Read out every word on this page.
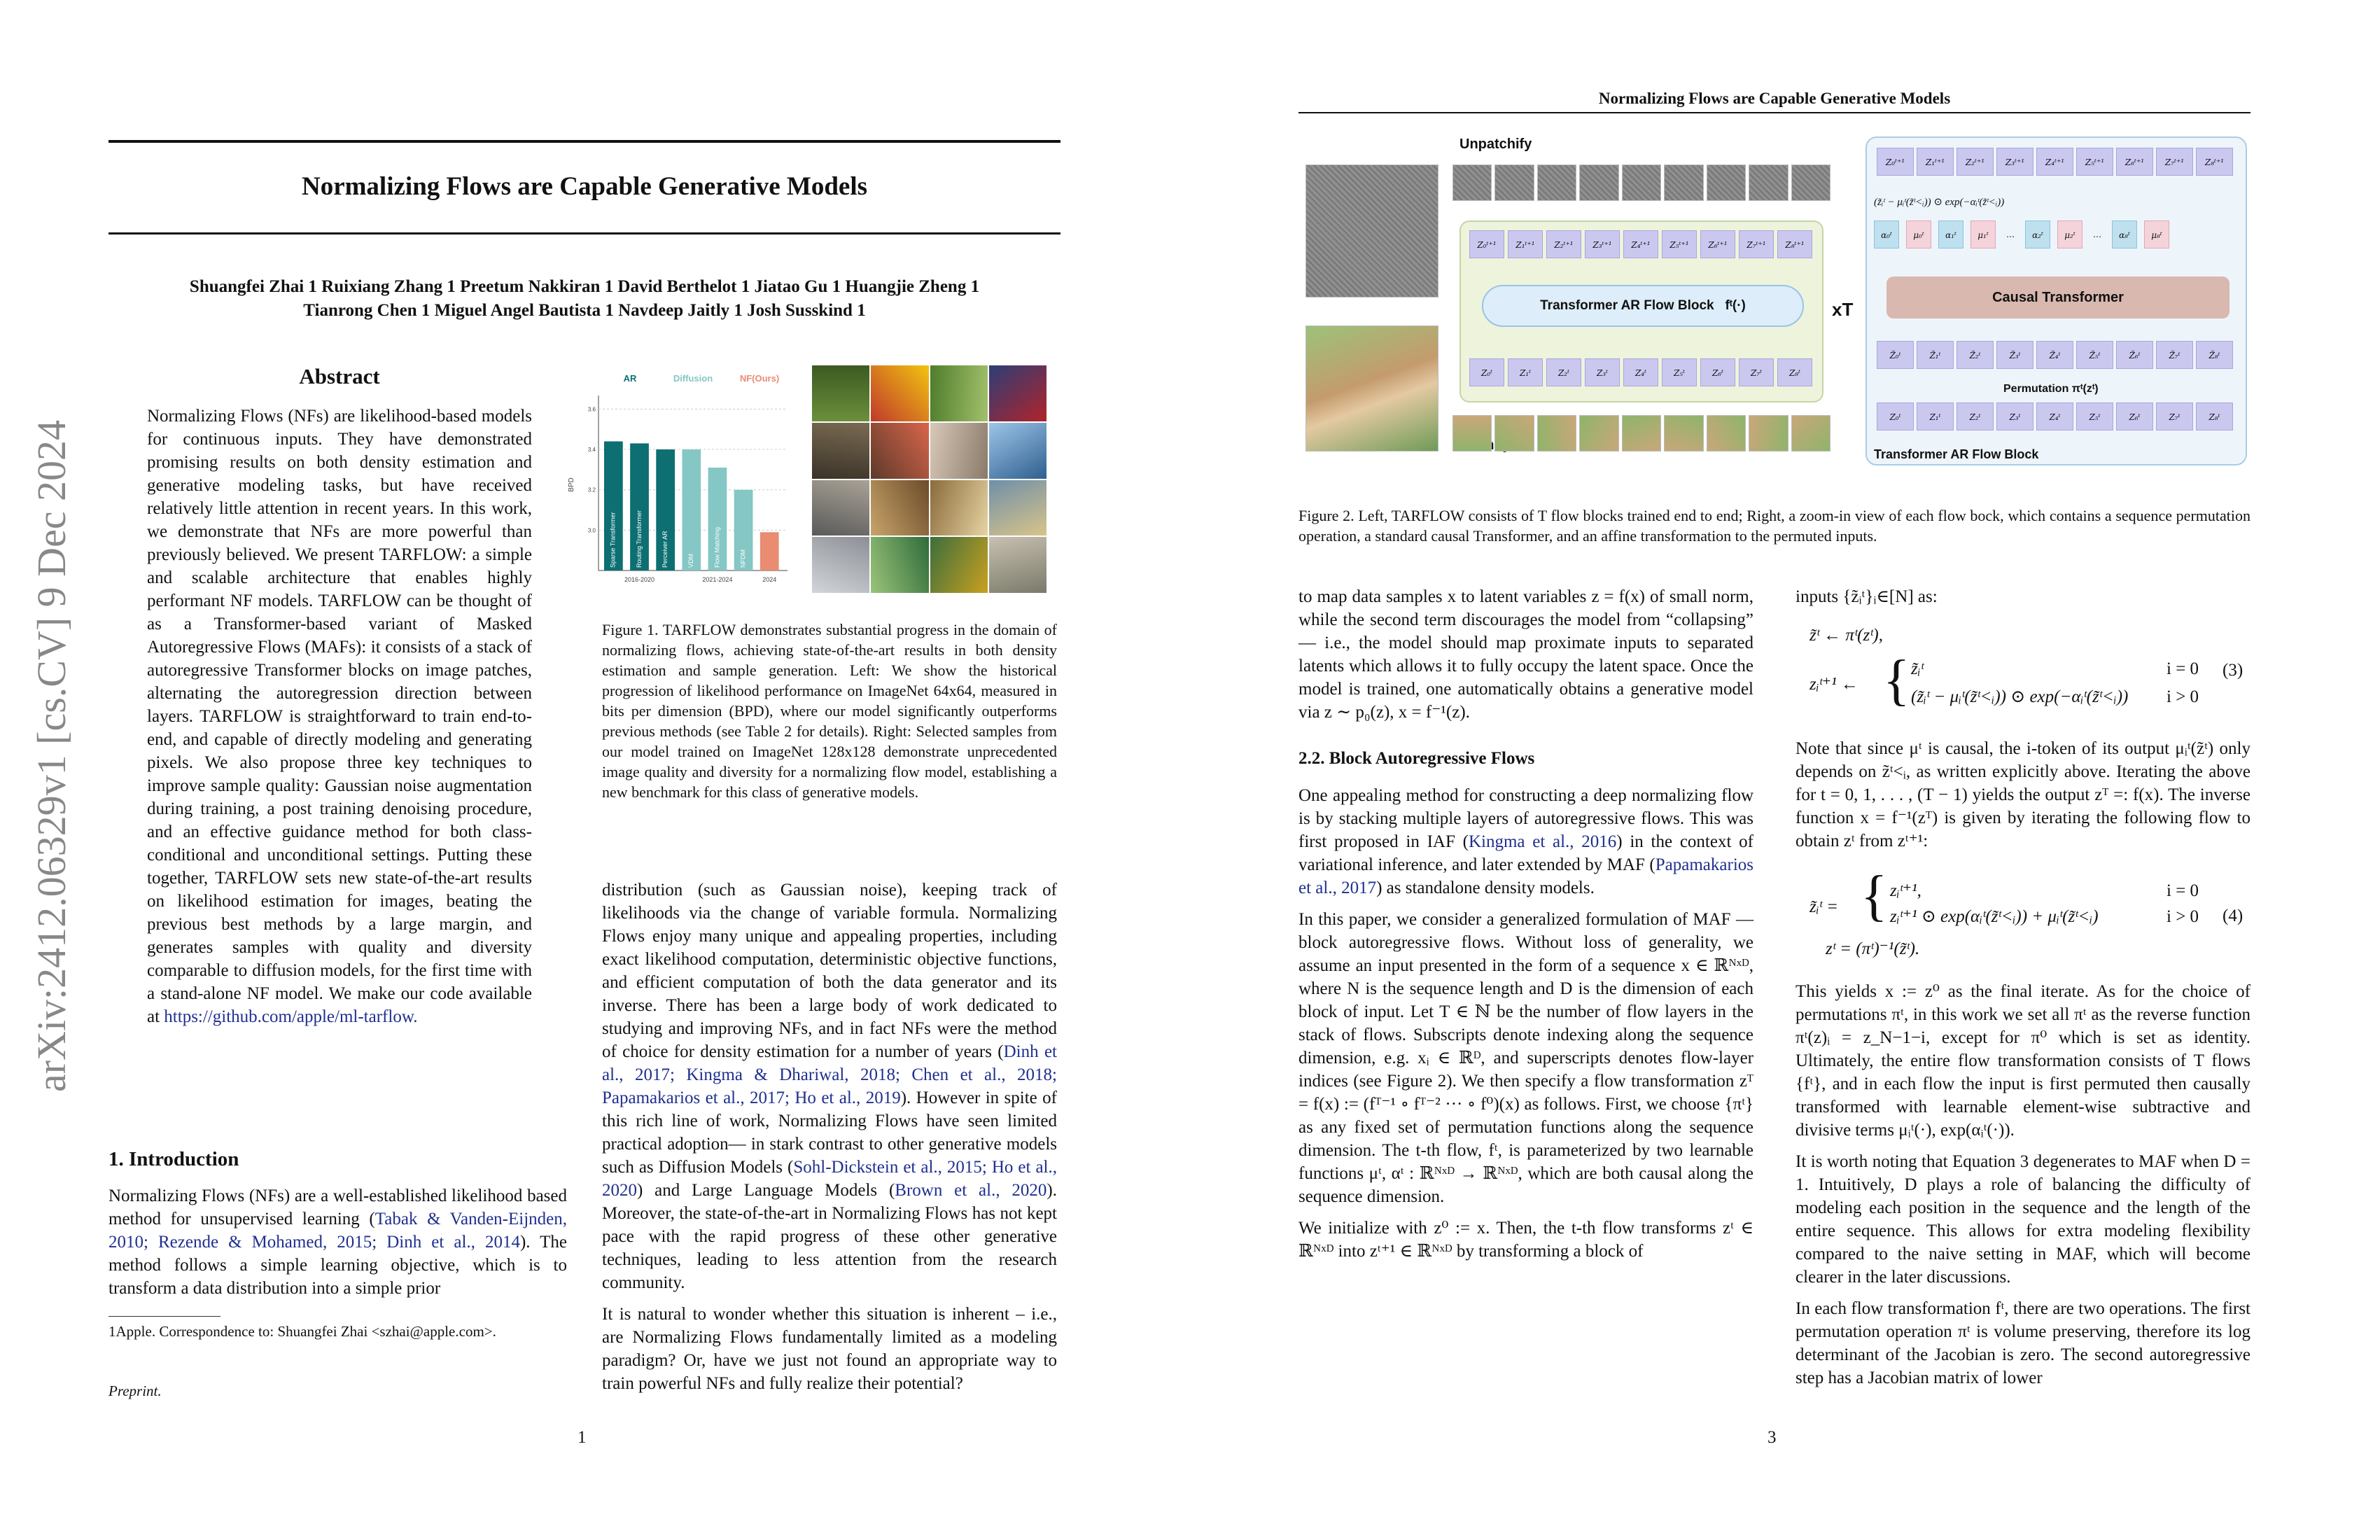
arXiv:2412.06329v1 [cs.CV] 9 Dec 2024
Normalizing Flows are Capable Generative Models
Shuangfei Zhai 1 Ruixiang Zhang 1 Preetum Nakkiran 1 David Berthelot 1 Jiatao Gu 1 Huangjie Zheng 1
Tianrong Chen 1 Miguel Angel Bautista 1 Navdeep Jaitly 1 Josh Susskind 1
Abstract
Normalizing Flows (NFs) are likelihood-based models for continuous inputs. They have demonstrated promising results on both density estimation and generative modeling tasks, but have received relatively little attention in recent years. In this work, we demonstrate that NFs are more powerful than previously believed. We present TARFLOW: a simple and scalable architecture that enables highly performant NF models. TARFLOW can be thought of as a Transformer-based variant of Masked Autoregressive Flows (MAFs): it consists of a stack of autoregressive Transformer blocks on image patches, alternating the autoregression direction between layers. TARFLOW is straightforward to train end-to-end, and capable of directly modeling and generating pixels. We also propose three key techniques to improve sample quality: Gaussian noise augmentation during training, a post training denoising procedure, and an effective guidance method for both class-conditional and unconditional settings. Putting these together, TARFLOW sets new state-of-the-art results on likelihood estimation for images, beating the previous best methods by a large margin, and generates samples with quality and diversity comparable to diffusion models, for the first time with a stand-alone NF model. We make our code available at https://github.com/apple/ml-tarflow.
1. Introduction
Normalizing Flows (NFs) are a well-established likelihood based method for unsupervised learning (Tabak & Vanden-Eijnden, 2010; Rezende & Mohamed, 2015; Dinh et al., 2014). The method follows a simple learning objective, which is to transform a data distribution into a simple prior
1Apple. Correspondence to: Shuangfei Zhai <szhai@apple.com>.
Preprint.
AR	Diffusion	NF(Ours)
3.6
3.4
3.2
3.0
BPD
Sparse Transformer	Routing Transformer	Perceiver AR	VDM	Flow Matching	NFDM
2016-2020	2021-2024	2024
Figure 1. TARFLOW demonstrates substantial progress in the domain of normalizing flows, achieving state-of-the-art results in both density estimation and sample generation. Left: We show the historical progression of likelihood performance on ImageNet 64x64, measured in bits per dimension (BPD), where our model significantly outperforms previous methods (see Table 2 for details). Right: Selected samples from our model trained on ImageNet 128x128 demonstrate unprecedented image quality and diversity for a normalizing flow model, establishing a new benchmark for this class of generative models.

distribution (such as Gaussian noise), keeping track of likelihoods via the change of variable formula. Normalizing Flows enjoy many unique and appealing properties, including exact likelihood computation, deterministic objective functions, and efficient computation of both the data generator and its inverse. There has been a large body of work dedicated to studying and improving NFs, and in fact NFs were the method of choice for density estimation for a number of years (Dinh et al., 2017; Kingma & Dhariwal, 2018; Chen et al., 2018; Papamakarios et al., 2017; Ho et al., 2019). However in spite of this rich line of work, Normalizing Flows have seen limited practical adoption— in stark contrast to other generative models such as Diffusion Models (Sohl-Dickstein et al., 2015; Ho et al., 2020) and Large Language Models (Brown et al., 2020). Moreover, the state-of-the-art in Normalizing Flows has not kept pace with the rapid progress of these other generative techniques, leading to less attention from the research community.

It is natural to wonder whether this situation is inherent – i.e., are Normalizing Flows fundamentally limited as a modeling paradigm? Or, have we just not found an appropriate way to train powerful NFs and fully realize their potential?

1
Normalizing Flows are Capable Generative Models
Unpatchify
Z₀ᵗ⁺¹	Z₁ᵗ⁺¹	Z₂ᵗ⁺¹	Z₃ᵗ⁺¹	Z₄ᵗ⁺¹	Z₅ᵗ⁺¹	Z₆ᵗ⁺¹	Z₇ᵗ⁺¹	Z₈ᵗ⁺¹
Transformer AR Flow Block fᵗ(·)
Z₀ᵗ	Z₁ᵗ	Z₂ᵗ	Z₃ᵗ	Z₄ᵗ	Z₅ᵗ	Z₆ᵗ	Z₇ᵗ	Z₈ᵗ
xT
Z₀ᵗ⁺¹	Z₁ᵗ⁺¹	Z₂ᵗ⁺¹	Z₃ᵗ⁺¹	Z₄ᵗ⁺¹	Z₅ᵗ⁺¹	Z₆ᵗ⁺¹	Z₇ᵗ⁺¹	Z₈ᵗ⁺¹
(z̃ᵢᵗ − μᵢᵗ(z̃ᵗ<ᵢ)) ⊙ exp(−αᵢᵗ(z̃ᵗ<ᵢ))
α₀ᵗ	μ₀ᵗ	α₁ᵗ	μ₁ᵗ	…	α₂ᵗ	μ₂ᵗ	…	α₈ᵗ	μ₈ᵗ
Causal Transformer
Z̃₀ᵗ	Z̃₁ᵗ	Z̃₂ᵗ	Z̃₃ᵗ	Z̃₄ᵗ	Z̃₅ᵗ	Z̃₆ᵗ	Z̃₇ᵗ	Z̃₈ᵗ
Permutation πᵗ(zᵗ)
Z₀ᵗ	Z₁ᵗ	Z₂ᵗ	Z₃ᵗ	Z₄ᵗ	Z₅ᵗ	Z₆ᵗ	Z₇ᵗ	Z₈ᵗ
Transformer AR Flow Block
Figure 2. Left, TARFLOW consists of T flow blocks trained end to end; Right, a zoom-in view of each flow bock, which contains a sequence permutation operation, a standard causal Transformer, and an affine transformation to the permuted inputs.

to map data samples x to latent variables z = f(x) of small norm, while the second term discourages the model from “collapsing” — i.e., the model should map proximate inputs to separated latents which allows it to fully occupy the latent space. Once the model is trained, one automatically obtains a generative model via z ∼ p₀(z), x = f⁻¹(z).

2.2. Block Autoregressive Flows

One appealing method for constructing a deep normalizing flow is by stacking multiple layers of autoregressive flows. This was first proposed in IAF (Kingma et al., 2016) in the context of variational inference, and later extended by MAF (Papamakarios et al., 2017) as standalone density models.

In this paper, we consider a generalized formulation of MAF — block autoregressive flows. Without loss of generality, we assume an input presented in the form of a sequence x ∈ ℝᴺˣᴰ, where N is the sequence length and D is the dimension of each block of input. Let T ∈ ℕ be the number of flow layers in the stack of flows. Subscripts denote indexing along the sequence dimension, e.g. xᵢ ∈ ℝᴰ, and superscripts denotes flow-layer indices (see Figure 2). We then specify a flow transformation zᵀ = f(x) := (fᵀ⁻¹ ∘ fᵀ⁻² ··· ∘ f⁰)(x) as follows. First, we choose {πᵗ} as any fixed set of permutation functions along the sequence dimension. The t-th flow, fᵗ, is parameterized by two learnable functions μᵗ, αᵗ : ℝᴺˣᴰ → ℝᴺˣᴰ, which are both causal along the sequence dimension.

We initialize with z⁰ := x. Then, the t-th flow transforms zᵗ ∈ ℝᴺˣᴰ into zᵗ⁺¹ ∈ ℝᴺˣᴰ by transforming a block of

inputs {z̃ᵢᵗ}ᵢ∈[N] as:
z̃ᵗ ← πᵗ(zᵗ),
zᵢᵗ⁺¹ ← { z̃ᵢᵗ	i = 0
(z̃ᵢᵗ − μᵢᵗ(z̃ᵗ<ᵢ)) ⊙ exp(−αᵢᵗ(z̃ᵗ<ᵢ)) i > 0
(3)
Note that since μᵗ is causal, the i-token of its output μᵢᵗ(z̃ᵗ) only depends on z̃ᵗ<ᵢ, as written explicitly above. Iterating the above for t = 0, 1, . . . , (T − 1) yields the output zᵀ =: f(x). The inverse function x = f⁻¹(zᵀ) is given by iterating the following flow to obtain zᵗ from zᵗ⁺¹:
z̃ᵢᵗ = { zᵢᵗ⁺¹,	i = 0
zᵢᵗ⁺¹ ⊙ exp(αᵢᵗ(z̃ᵗ<ᵢ)) + μᵢᵗ(z̃ᵗ<ᵢ)	i > 0 (4)
zᵗ = (πᵗ)⁻¹(z̃ᵗ).

This yields x := z⁰ as the final iterate. As for the choice of permutations πᵗ, in this work we set all πᵗ as the reverse function πᵗ(z)ᵢ = z_N−1−i, except for π⁰ which is set as identity. Ultimately, the entire flow transformation consists of T flows {fᵗ}, and in each flow the input is first permuted then causally transformed with learnable element-wise subtractive and divisive terms μᵢᵗ(·), exp(αᵢᵗ(·)).

It is worth noting that Equation 3 degenerates to MAF when D = 1. Intuitively, D plays a role of balancing the difficulty of modeling each position in the sequence and the length of the entire sequence. This allows for extra modeling flexibility compared to the naive setting in MAF, which will become clearer in the later discussions.

In each flow transformation fᵗ, there are two operations. The first permutation operation πᵗ is volume preserving, therefore its log determinant of the Jacobian is zero. The second autoregressive step has a Jacobian matrix of lower

3
